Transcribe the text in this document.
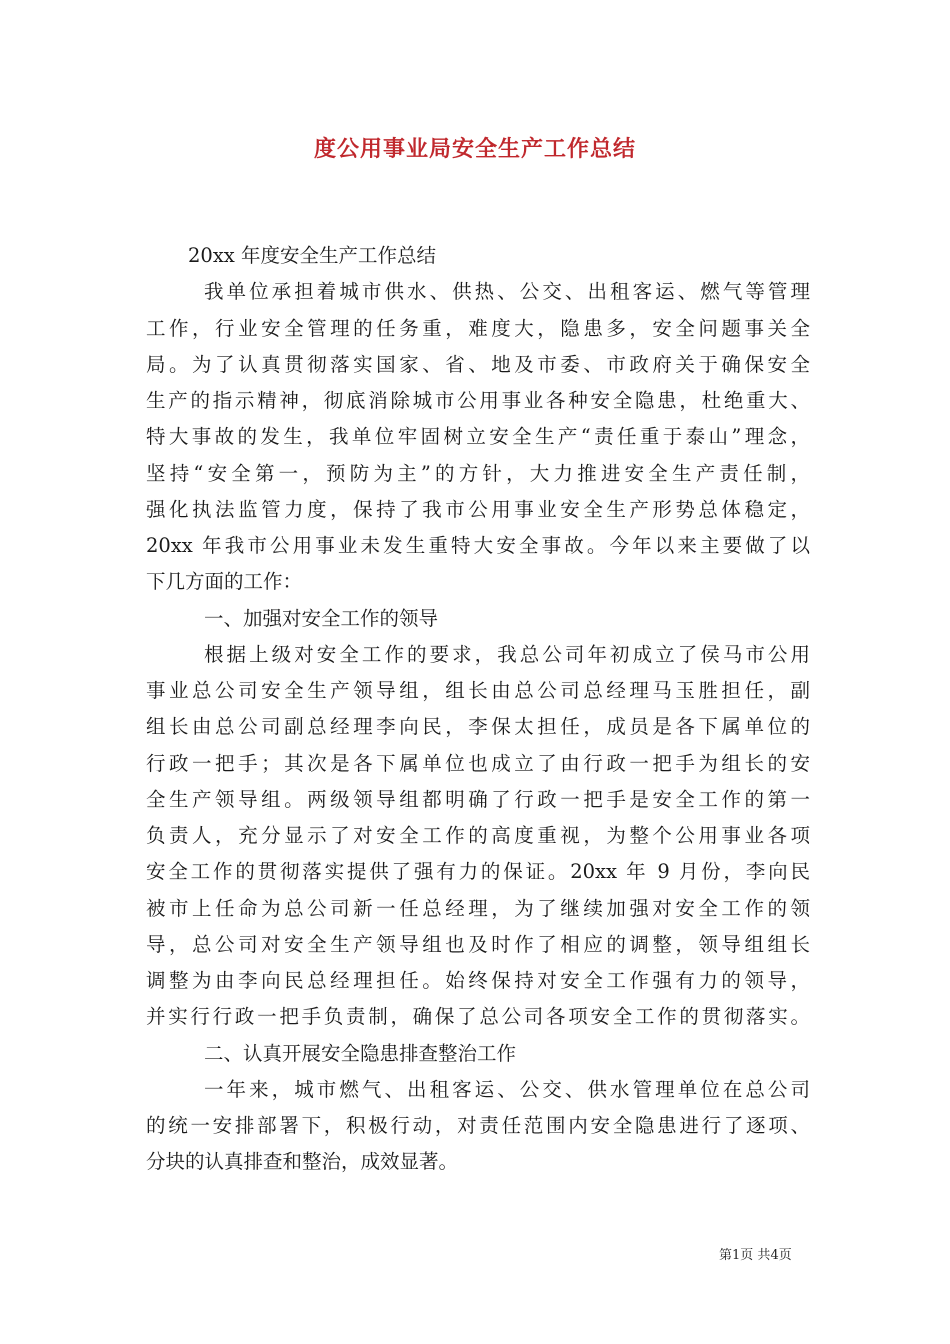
度公用事业局安全生产工作总结
20xx 年度安全生产工作总结
我单位承担着城市供水、供热、公交、出租客运、燃气等管理
工作，行业安全管理的任务重，难度大，隐患多，安全问题事关全
局。为了认真贯彻落实国家、省、地及市委、市政府关于确保安全
生产的指示精神，彻底消除城市公用事业各种安全隐患，杜绝重大、
特大事故的发生，我单位牢固树立安全生产“责任重于泰山”理念，
坚持“安全第一，预防为主”的方针，大力推进安全生产责任制，
强化执法监管力度，保持了我市公用事业安全生产形势总体稳定，
20xx 年我市公用事业未发生重特大安全事故。今年以来主要做了以
下几方面的工作：
一、加强对安全工作的领导
根据上级对安全工作的要求，我总公司年初成立了侯马市公用
事业总公司安全生产领导组，组长由总公司总经理马玉胜担任，副
组长由总公司副总经理李向民，李保太担任，成员是各下属单位的
行政一把手；其次是各下属单位也成立了由行政一把手为组长的安
全生产领导组。两级领导组都明确了行政一把手是安全工作的第一
负责人，充分显示了对安全工作的高度重视，为整个公用事业各项
安全工作的贯彻落实提供了强有力的保证。20xx 年 9 月份，李向民
被市上任命为总公司新一任总经理，为了继续加强对安全工作的领
导，总公司对安全生产领导组也及时作了相应的调整，领导组组长
调整为由李向民总经理担任。始终保持对安全工作强有力的领导，
并实行行政一把手负责制，确保了总公司各项安全工作的贯彻落实。
二、认真开展安全隐患排查整治工作
一年来，城市燃气、出租客运、公交、供水管理单位在总公司
的统一安排部署下，积极行动，对责任范围内安全隐患进行了逐项、
分块的认真排查和整治，成效显著。
第1页 共4页
